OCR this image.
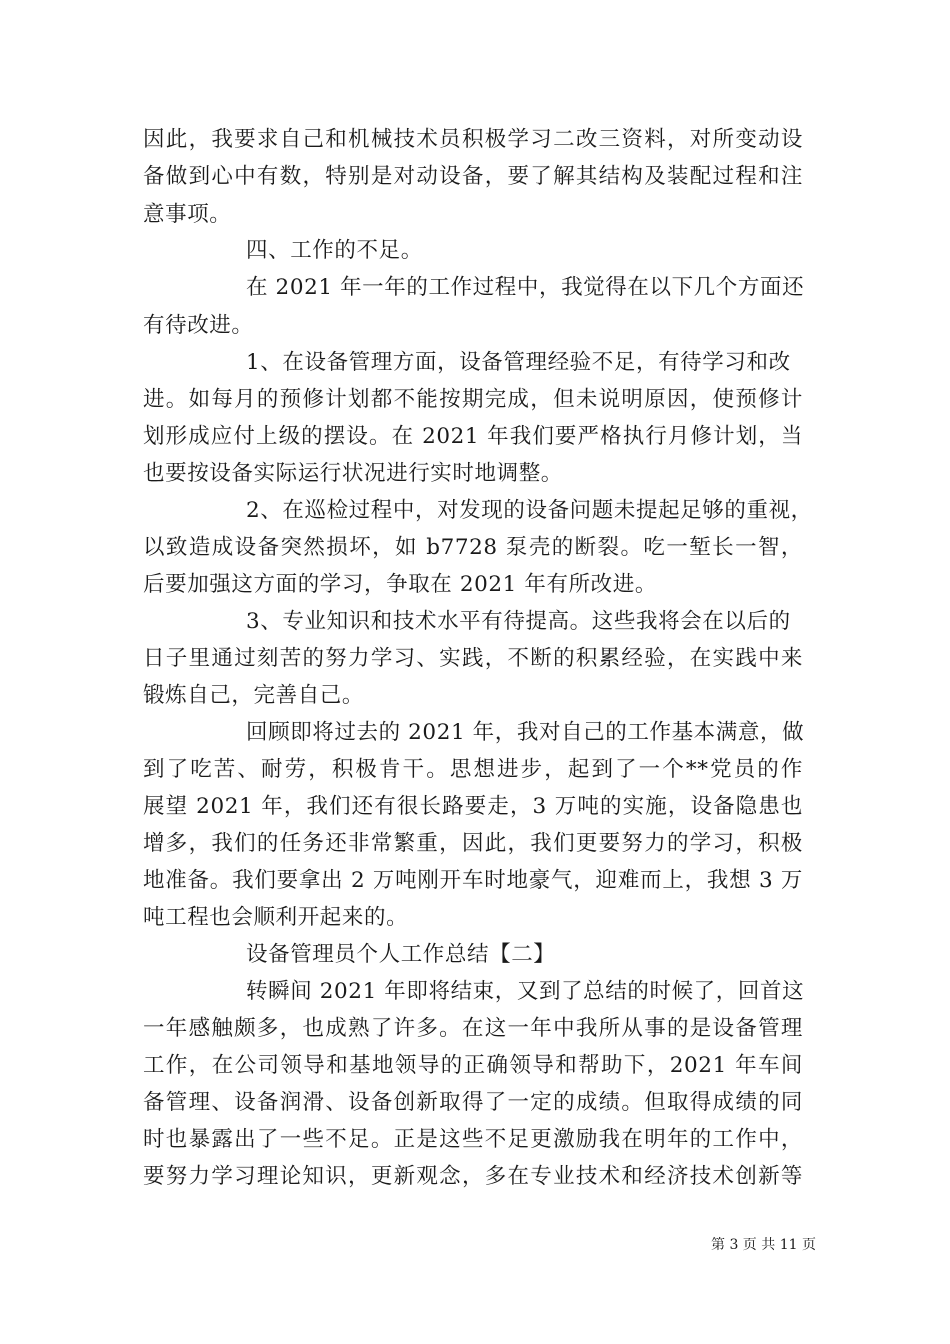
因此，我要求自己和机械技术员积极学习二改三资料，对所变动设
备做到心中有数，特别是对动设备，要了解其结构及装配过程和注
意事项。
四、工作的不足。
在 2021 年一年的工作过程中，我觉得在以下几个方面还
有待改进。
1、在设备管理方面，设备管理经验不足，有待学习和改
进。如每月的预修计划都不能按期完成，但未说明原因，使预修计
划形成应付上级的摆设。在 2021 年我们要严格执行月修计划，当
也要按设备实际运行状况进行实时地调整。
2、在巡检过程中，对发现的设备问题未提起足够的重视，
以致造成设备突然损坏，如 b7728 泵壳的断裂。吃一堑长一智，
后要加强这方面的学习，争取在 2021 年有所改进。
3、专业知识和技术水平有待提高。这些我将会在以后的
日子里通过刻苦的努力学习、实践，不断的积累经验，在实践中来
锻炼自己，完善自己。
回顾即将过去的 2021 年，我对自己的工作基本满意，做
到了吃苦、耐劳，积极肯干。思想进步，起到了一个**党员的作
展望 2021 年，我们还有很长路要走，3 万吨的实施，设备隐患也
增多，我们的任务还非常繁重，因此，我们更要努力的学习，积极
地准备。我们要拿出 2 万吨刚开车时地豪气，迎难而上，我想 3 万
吨工程也会顺利开起来的。
设备管理员个人工作总结【二】
转瞬间 2021 年即将结束，又到了总结的时候了，回首这
一年感触颇多，也成熟了许多。在这一年中我所从事的是设备管理
工作，在公司领导和基地领导的正确领导和帮助下，2021 年车间
备管理、设备润滑、设备创新取得了一定的成绩。但取得成绩的同
时也暴露出了一些不足。正是这些不足更激励我在明年的工作中，
要努力学习理论知识，更新观念，多在专业技术和经济技术创新等
第 3 页 共 11 页
